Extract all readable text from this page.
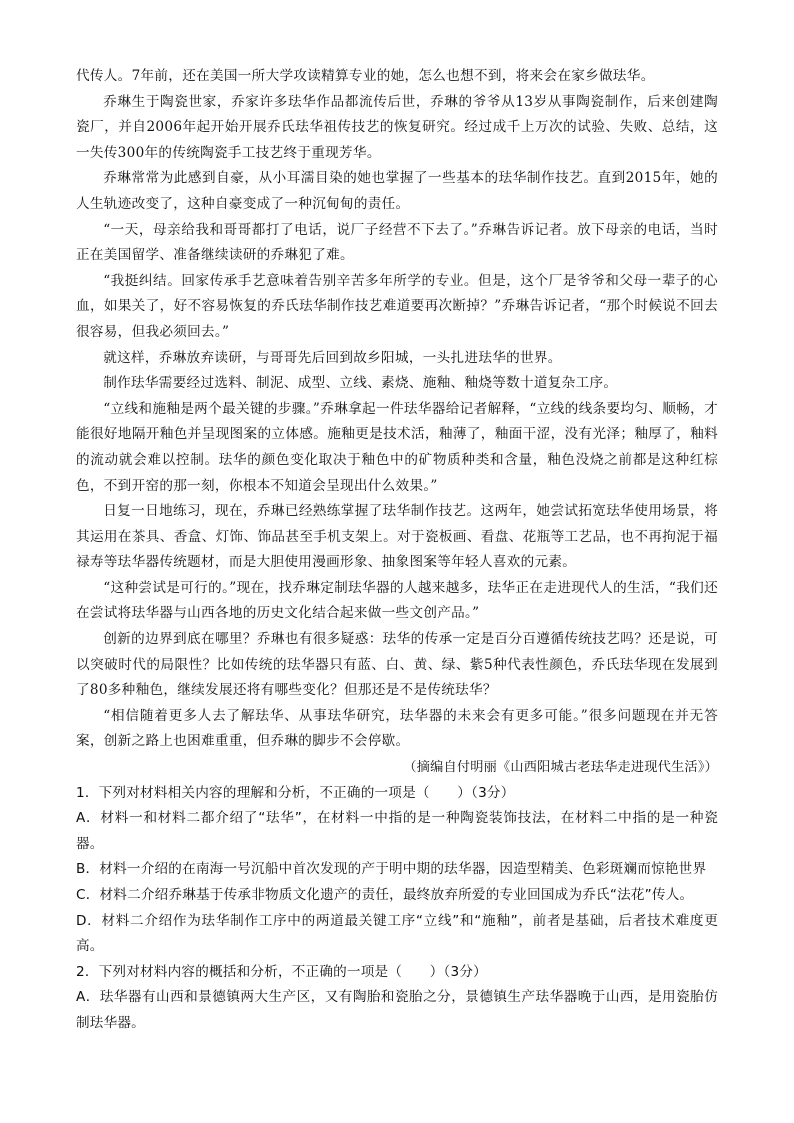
代传人。7年前，还在美国一所大学攻读精算专业的她，怎么也想不到，将来会在家乡做珐华。

乔琳生于陶瓷世家，乔家许多珐华作品都流传后世，乔琳的爷爷从13岁从事陶瓷制作，后来创建陶瓷厂，并自2006年起开始开展乔氏珐华祖传技艺的恢复研究。经过成千上万次的试验、失败、总结，这一失传300年的传统陶瓷手工技艺终于重现芳华。

乔琳常常为此感到自豪，从小耳濡目染的她也掌握了一些基本的珐华制作技艺。直到2015年，她的人生轨迹改变了，这种自豪变成了一种沉甸甸的责任。

“一天，母亲给我和哥哥都打了电话，说厂子经营不下去了。”乔琳告诉记者。放下母亲的电话，当时正在美国留学、准备继续读研的乔琳犯了难。

“我挺纠结。回家传承手艺意味着告别辛苦多年所学的专业。但是，这个厂是爷爷和父母一辈子的心血，如果关了，好不容易恢复的乔氏珐华制作技艺难道要再次断掉？”乔琳告诉记者，“那个时候说不回去很容易，但我必须回去。”

就这样，乔琳放弃读研，与哥哥先后回到故乡阳城，一头扎进珐华的世界。

制作珐华需要经过选料、制泥、成型、立线、素烧、施釉、釉烧等数十道复杂工序。

“立线和施釉是两个最关键的步骤。”乔琳拿起一件珐华器给记者解释，“立线的线条要均匀、顺畅，才能很好地隔开釉色并呈现图案的立体感。施釉更是技术活，釉薄了，釉面干涩，没有光泽；釉厚了，釉料的流动就会难以控制。珐华的颜色变化取决于釉色中的矿物质种类和含量，釉色没烧之前都是这种红棕色，不到开窑的那一刻，你根本不知道会呈现出什么效果。”

日复一日地练习，现在，乔琳已经熟练掌握了珐华制作技艺。这两年，她尝试拓宽珐华使用场景，将其运用在茶具、香盒、灯饰、饰品甚至手机支架上。对于瓷板画、看盘、花瓶等工艺品，也不再拘泥于福禄寿等珐华器传统题材，而是大胆使用漫画形象、抽象图案等年轻人喜欢的元素。

“这种尝试是可行的。”现在，找乔琳定制珐华器的人越来越多，珐华正在走进现代人的生活，“我们还在尝试将珐华器与山西各地的历史文化结合起来做一些文创产品。”

创新的边界到底在哪里？乔琳也有很多疑惑：珐华的传承一定是百分百遵循传统技艺吗？还是说，可以突破时代的局限性？比如传统的珐华器只有蓝、白、黄、绿、紫5种代表性颜色，乔氏珐华现在发展到了80多种釉色，继续发展还将有哪些变化？但那还是不是传统珐华？

“相信随着更多人去了解珐华、从事珐华研究，珐华器的未来会有更多可能。”很多问题现在并无答案，创新之路上也困难重重，但乔琳的脚步不会停歇。

（摘编自付明丽《山西阳城古老珐华走进现代生活》）

1．下列对材料相关内容的理解和分析，不正确的一项是（　　）（3分）

A．材料一和材料二都介绍了“珐华”，在材料一中指的是一种陶瓷装饰技法，在材料二中指的是一种瓷器。

B．材料一介绍的在南海一号沉船中首次发现的产于明中期的珐华器，因造型精美、色彩斑斓而惊艳世界

C．材料二介绍乔琳基于传承非物质文化遗产的责任，最终放弃所爱的专业回国成为乔氏“法花”传人。

D．材料二介绍作为珐华制作工序中的两道最关键工序“立线”和“施釉”，前者是基础，后者技术难度更高。

2．下列对材料内容的概括和分析，不正确的一项是（　　）（3分）

A．珐华器有山西和景德镇两大生产区，又有陶胎和瓷胎之分，景德镇生产珐华器晚于山西，是用瓷胎仿制珐华器。
